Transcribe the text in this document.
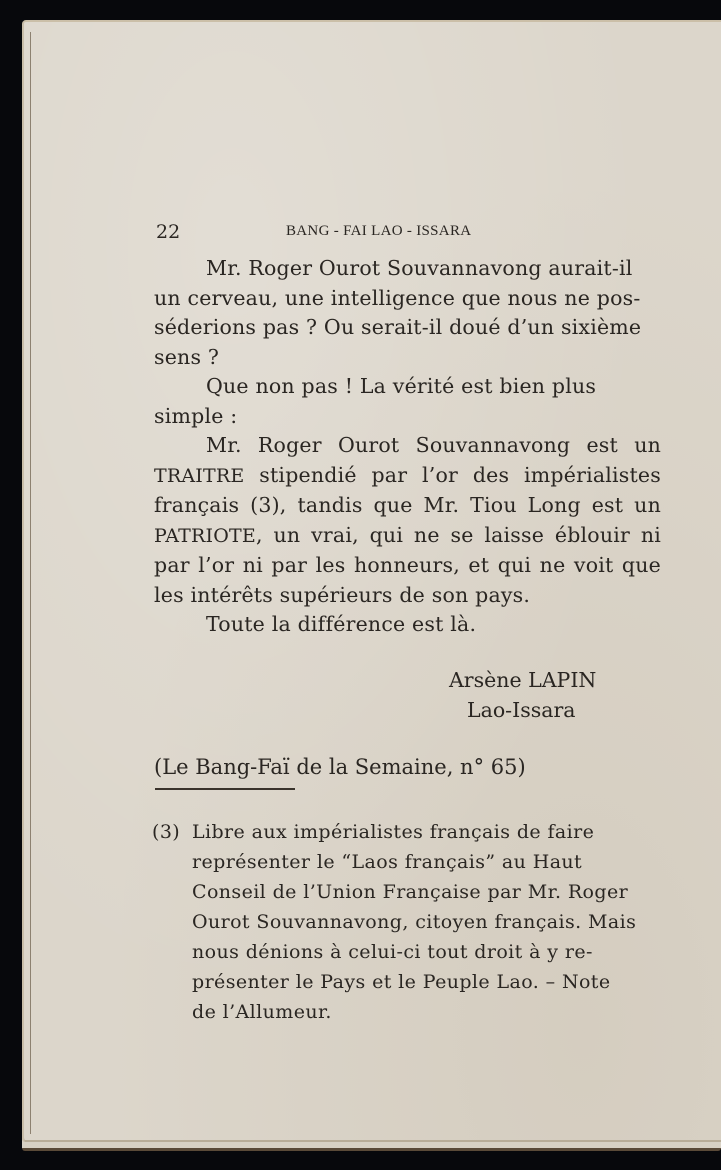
22	BANG - FAI LAO - ISSARA

Mr. Roger Ourot Souvannavong aurait-il
un cerveau, une intelligence que nous ne pos-
séderions pas ? Ou serait-il doué d’un sixième
sens ?

Que non pas ! La vérité est bien plus
simple :

Mr. Roger Ourot Souvannavong est un TRAITRE stipendié par l’or des impérialistes français (3), tandis que Mr. Tiou Long est un PATRIOTE, un vrai, qui ne se laisse éblouir ni par l’or ni par les honneurs, et qui ne voit que les intérêts supérieurs de son pays.

Toute la différence est là.

Arsène LAPIN
Lao-Issara
(Le Bang-Faï de la Semaine, n° 65)
(3) Libre aux impérialistes français de faire
représenter le “Laos français” au Haut
Conseil de l’Union Française par Mr. Roger
Ourot Souvannavong, citoyen français. Mais
nous dénions à celui-ci tout droit à y re-
présenter le Pays et le Peuple Lao. – Note
de l’Allumeur.
